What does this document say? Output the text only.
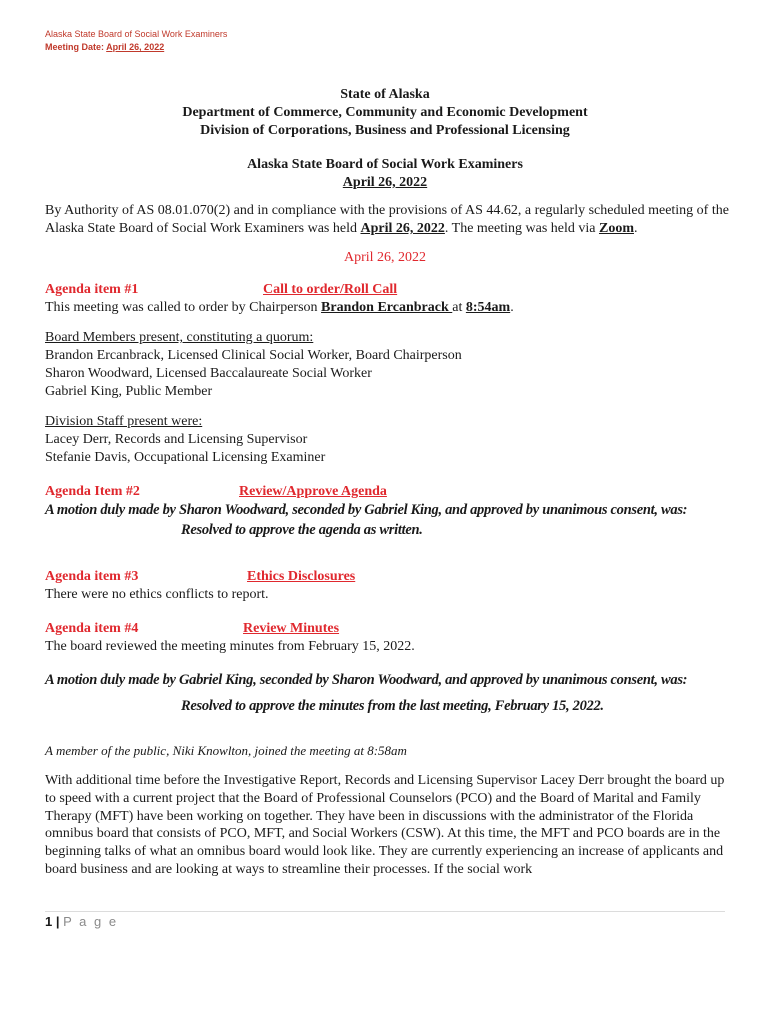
Alaska State Board of Social Work Examiners
Meeting Date: April 26, 2022
State of Alaska
Department of Commerce, Community and Economic Development
Division of Corporations, Business and Professional Licensing
Alaska State Board of Social Work Examiners
April 26, 2022
By Authority of AS 08.01.070(2) and in compliance with the provisions of AS 44.62, a regularly scheduled meeting of the Alaska State Board of Social Work Examiners was held April 26, 2022. The meeting was held via Zoom.
April 26, 2022
Agenda item #1	Call to order/Roll Call
This meeting was called to order by Chairperson Brandon Ercanbrack at 8:54am.
Board Members present, constituting a quorum:
Brandon Ercanbrack, Licensed Clinical Social Worker, Board Chairperson
Sharon Woodward, Licensed Baccalaureate Social Worker
Gabriel King, Public Member
Division Staff present were:
Lacey Derr, Records and Licensing Supervisor
Stefanie Davis, Occupational Licensing Examiner
Agenda Item #2	Review/Approve Agenda
A motion duly made by Sharon Woodward, seconded by Gabriel King, and approved by unanimous consent, was:
Resolved to approve the agenda as written.
Agenda item #3	Ethics Disclosures
There were no ethics conflicts to report.
Agenda item #4	Review Minutes
The board reviewed the meeting minutes from February 15, 2022.
A motion duly made by Gabriel King, seconded by Sharon Woodward, and approved by unanimous consent, was:
Resolved to approve the minutes from the last meeting, February 15, 2022.
A member of the public, Niki Knowlton, joined the meeting at 8:58am
With additional time before the Investigative Report, Records and Licensing Supervisor Lacey Derr brought the board up to speed with a current project that the Board of Professional Counselors (PCO) and the Board of Marital and Family Therapy (MFT) have been working on together. They have been in discussions with the administrator of the Florida omnibus board that consists of PCO, MFT, and Social Workers (CSW). At this time, the MFT and PCO boards are in the beginning talks of what an omnibus board would look like. They are currently experiencing an increase of applicants and board business and are looking at ways to streamline their processes. If the social work
1 | P a g e
